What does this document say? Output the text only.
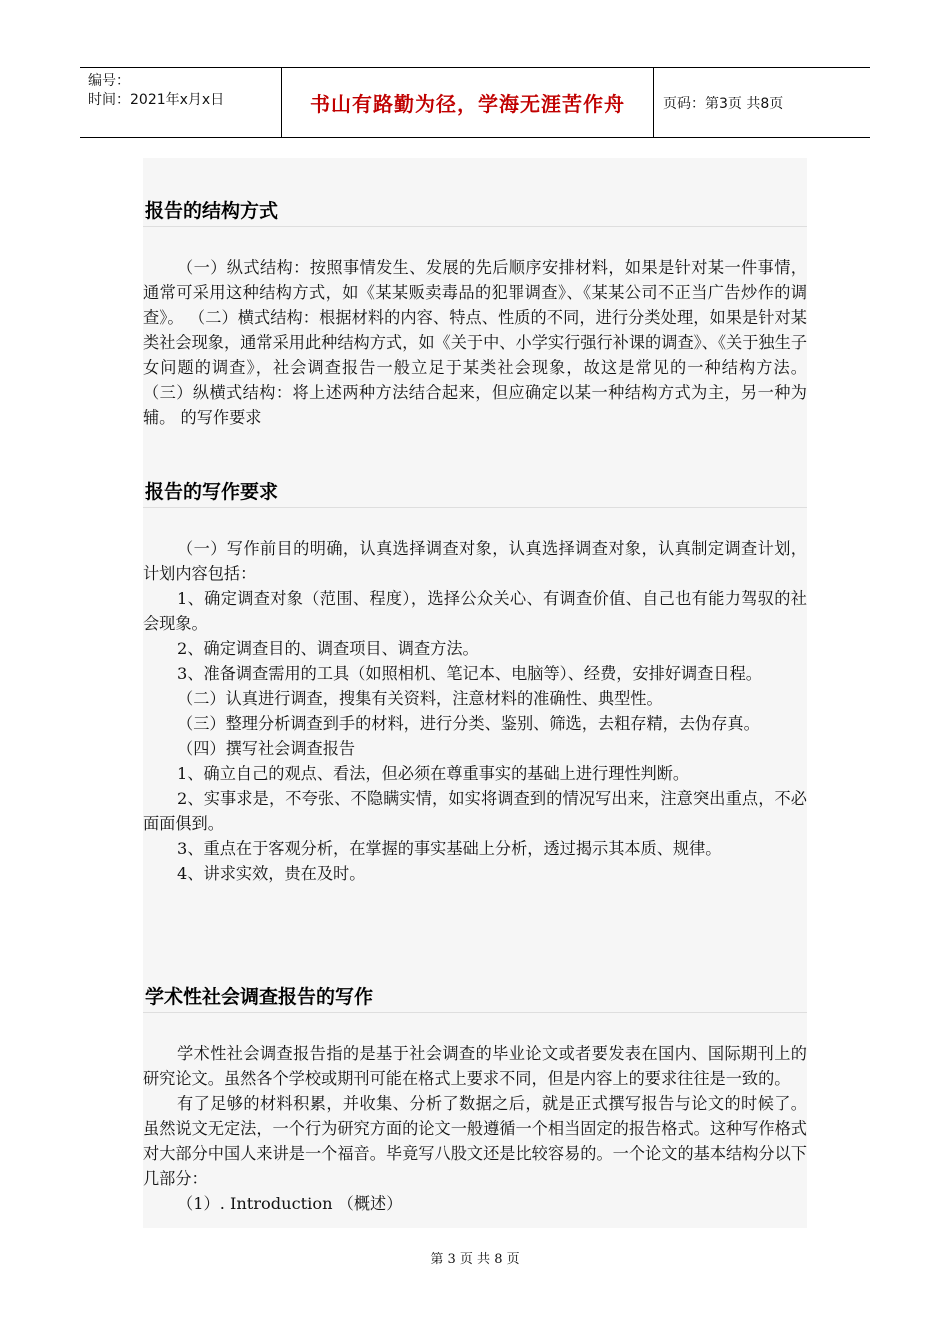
编号：
时间：2021年x月x日	书山有路勤为径，学海无涯苦作舟	页码：第3页 共8页
报告的结构方式

（一）纵式结构：按照事情发生、发展的先后顺序安排材料，如果是针对某一件事情，通常可采用这种结构方式，如《某某贩卖毒品的犯罪调查》、《某某公司不正当广告炒作的调查》。 （二）横式结构：根据材料的内容、特点、性质的不同，进行分类处理，如果是针对某类社会现象，通常采用此种结构方式，如《关于中、小学实行强行补课的调查》、《关于独生子女问题的调查》，社会调查报告一般立足于某类社会现象，故这是常见的一种结构方法。 （三）纵横式结构：将上述两种方法结合起来，但应确定以某一种结构方式为主，另一种为辅。 的写作要求

报告的写作要求

（一）写作前目的明确，认真选择调查对象，认真选择调查对象，认真制定调查计划，计划内容包括：

1、确定调查对象（范围、程度），选择公众关心、有调查价值、自己也有能力驾驭的社会现象。

2、确定调查目的、调查项目、调查方法。

3、准备调查需用的工具（如照相机、笔记本、电脑等）、经费，安排好调查日程。

（二）认真进行调查，搜集有关资料，注意材料的准确性、典型性。

（三）整理分析调查到手的材料，进行分类、鉴别、筛选，去粗存精，去伪存真。

（四）撰写社会调查报告

1、确立自己的观点、看法，但必须在尊重事实的基础上进行理性判断。

2、实事求是，不夸张、不隐瞒实情，如实将调查到的情况写出来，注意突出重点，不必面面俱到。

3、重点在于客观分析，在掌握的事实基础上分析，透过揭示其本质、规律。

4、讲求实效，贵在及时。

学术性社会调查报告的写作

学术性社会调查报告指的是基于社会调查的毕业论文或者要发表在国内、国际期刊上的研究论文。虽然各个学校或期刊可能在格式上要求不同，但是内容上的要求往往是一致的。

有了足够的材料积累，并收集、分析了数据之后，就是正式撰写报告与论文的时候了。虽然说文无定法，一个行为研究方面的论文一般遵循一个相当固定的报告格式。这种写作格式对大部分中国人来讲是一个福音。毕竟写八股文还是比较容易的。一个论文的基本结构分以下几部分：

（1）. Introduction （概述）

第 3 页 共 8 页
